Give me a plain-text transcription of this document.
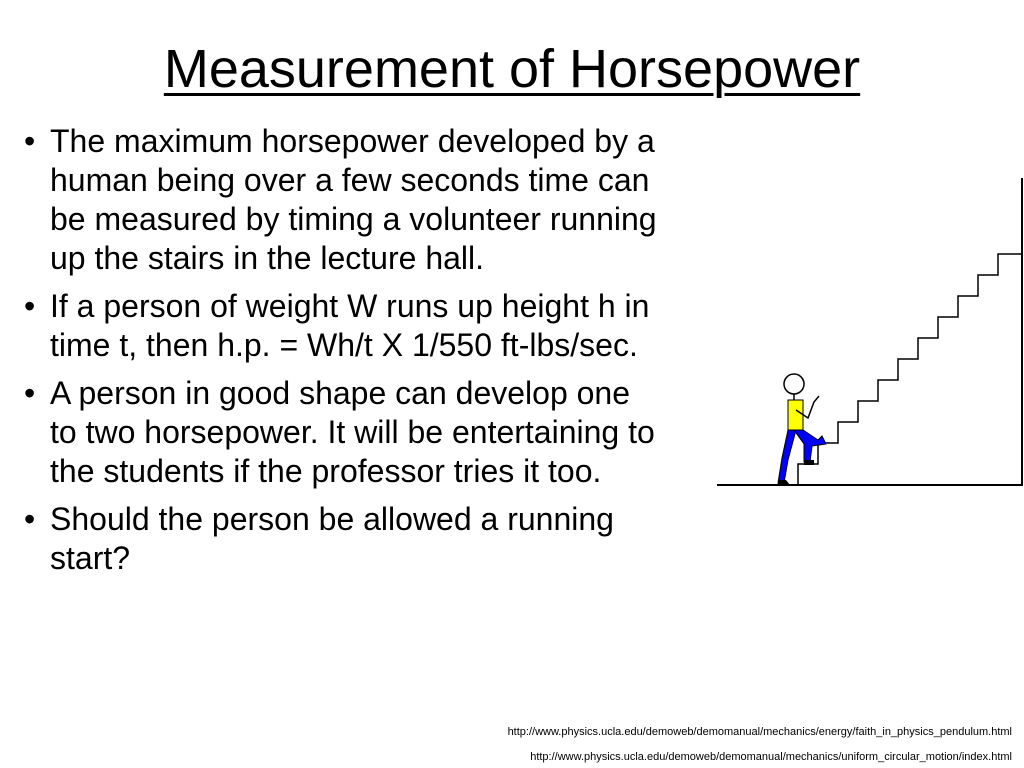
Measurement of Horsepower
• The maximum horsepower developed by a human being over a few seconds time can be measured by timing a volunteer running up the stairs in the lecture hall.
• If a person of weight W runs up height h in time t, then h.p. = Wh/t X 1/550 ft-lbs/sec.
• A person in good shape can develop one to two horsepower. It will be entertaining to the students if the professor tries it too.
• Should the person be allowed a running start?
http://www.physics.ucla.edu/demoweb/demomanual/mechanics/energy/faith_in_physics_pendulum.html
http://www.physics.ucla.edu/demoweb/demomanual/mechanics/uniform_circular_motion/index.html
